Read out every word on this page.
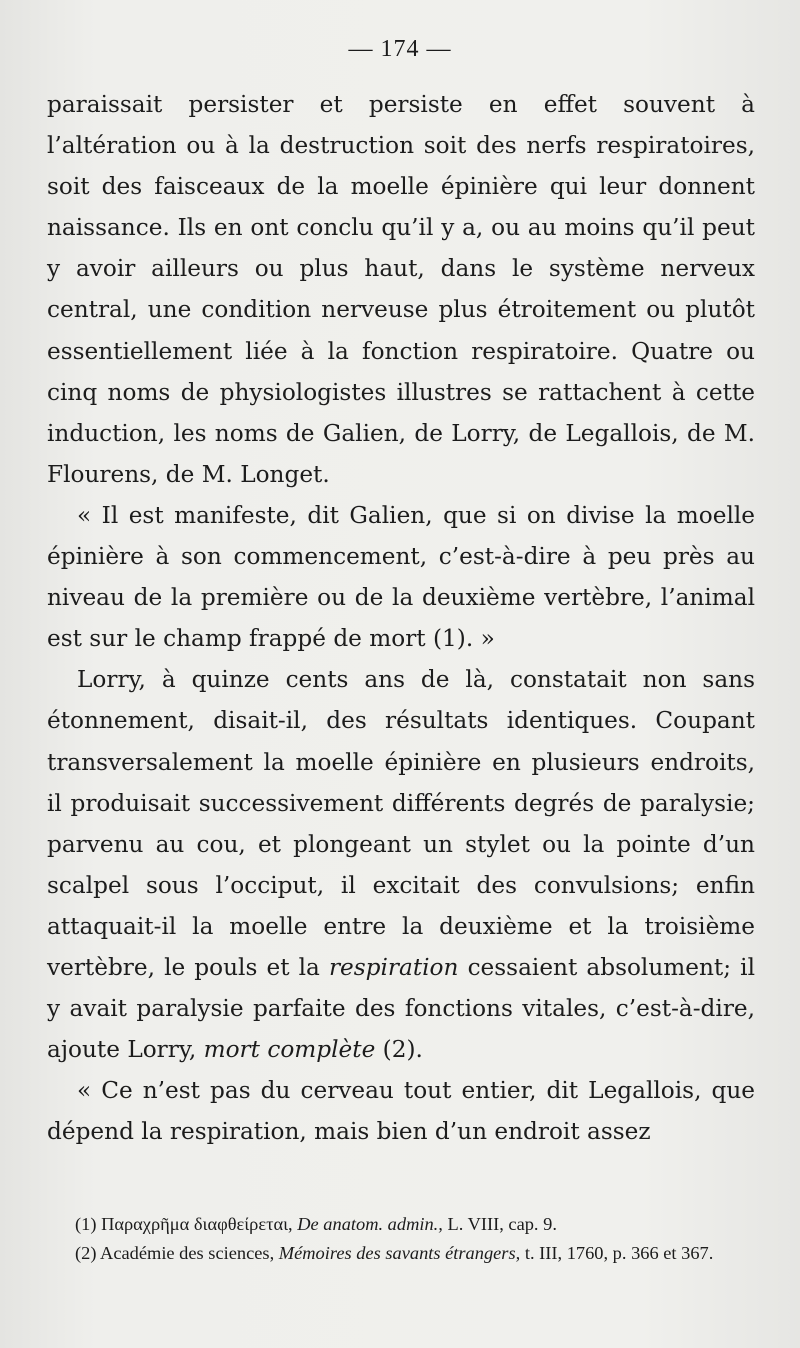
— 174 —

paraissait persister et persiste en effet souvent à l’altération ou à la destruction soit des nerfs respiratoires, soit des faisceaux de la moelle épinière qui leur donnent naissance. Ils en ont conclu qu’il y a, ou au moins qu’il peut y avoir ailleurs ou plus haut, dans le système nerveux central, une condition nerveuse plus étroitement ou plutôt essentiellement liée à la fonction respiratoire. Quatre ou cinq noms de physiologistes illustres se rattachent à cette induction, les noms de Galien, de Lorry, de Legallois, de M. Flourens, de M. Longet.

« Il est manifeste, dit Galien, que si on divise la moelle épinière à son commencement, c’est-à-dire à peu près au niveau de la première ou de la deuxième vertèbre, l’animal est sur le champ frappé de mort (1). »

Lorry, à quinze cents ans de là, constatait non sans étonnement, disait-il, des résultats identiques. Coupant transversalement la moelle épinière en plusieurs endroits, il produisait successivement différents degrés de paralysie; parvenu au cou, et plongeant un stylet ou la pointe d’un scalpel sous l’occiput, il excitait des convulsions; enfin attaquait-il la moelle entre la deuxième et la troisième vertèbre, le pouls et la respiration cessaient absolument; il y avait paralysie parfaite des fonctions vitales, c’est-à-dire, ajoute Lorry, mort complète (2).

« Ce n’est pas du cerveau tout entier, dit Legallois, que dépend la respiration, mais bien d’un endroit assez

(1) Παραχρῆμα διαφθείρεται, De anatom. admin., L. VIII, cap. 9.

(2) Académie des sciences, Mémoires des savants étrangers, t. III, 1760, p. 366 et 367.
